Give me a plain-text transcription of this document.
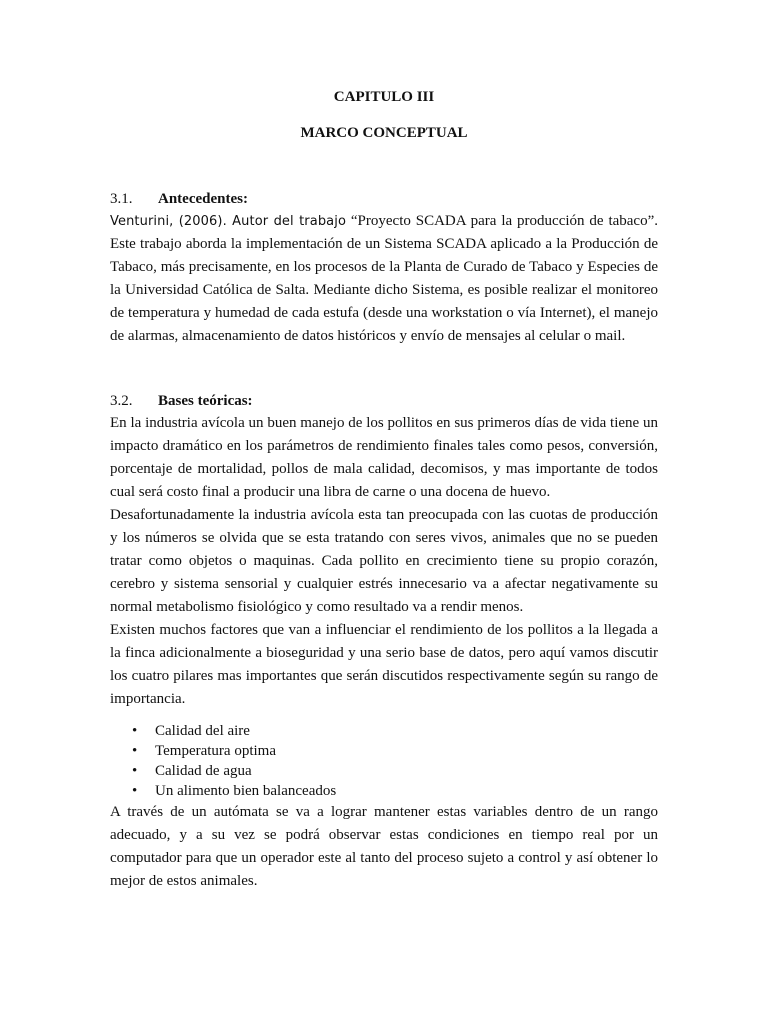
CAPITULO III

MARCO CONCEPTUAL

3.1.	Antecedentes:

Venturini, (2006). Autor del trabajo “Proyecto SCADA para la producción de tabaco”. Este trabajo aborda la implementación de un Sistema SCADA aplicado a la Producción de Tabaco, más precisamente, en los procesos de la Planta de Curado de Tabaco y Especies de la Universidad Católica de Salta. Mediante dicho Sistema, es posible realizar el monitoreo de temperatura y humedad de cada estufa (desde una workstation o vía Internet), el manejo de alarmas, almacenamiento de datos históricos y envío de mensajes al celular o mail.

3.2.	Bases teóricas:

En la industria avícola un buen manejo de los pollitos en sus primeros días de vida tiene un impacto dramático en los parámetros de rendimiento finales tales como pesos, conversión, porcentaje de mortalidad, pollos de mala calidad, decomisos, y mas importante de todos cual será costo final a producir una libra de carne o una docena de huevo.

Desafortunadamente la industria avícola esta tan preocupada con las cuotas de producción y los números se olvida que se esta tratando con seres vivos, animales que no se pueden tratar como objetos o maquinas. Cada pollito en crecimiento tiene su propio corazón, cerebro y sistema sensorial y cualquier estrés innecesario va a afectar negativamente su normal metabolismo fisiológico y como resultado va a rendir menos.

Existen muchos factores que van a influenciar el rendimiento de los pollitos a la llegada a la finca adicionalmente a bioseguridad y una serio base de datos, pero aquí vamos discutir los cuatro pilares mas importantes que serán discutidos respectivamente según su rango de importancia.

• Calidad del aire
• Temperatura optima
• Calidad de agua
• Un alimento bien balanceados

A través de un autómata se va a lograr mantener estas variables dentro de un rango adecuado, y a su vez se podrá observar estas condiciones en tiempo real por un computador para que un operador este al tanto del proceso sujeto a control y así obtener lo mejor de estos animales.
